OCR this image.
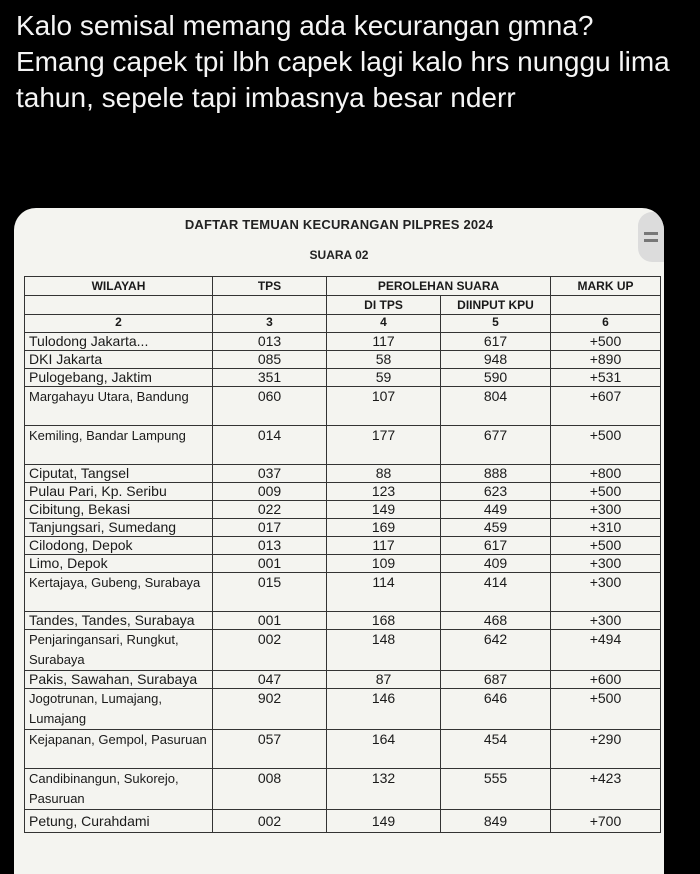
Kalo semisal memang ada kecurangan gmna? Emang capek tpi lbh capek lagi kalo hrs nunggu lima tahun, sepele tapi imbasnya besar nderr
DAFTAR TEMUAN KECURANGAN PILPRES 2024
SUARA 02
WILAYAH	TPS	PEROLEHAN SUARA		MARK UP
		DI TPS	DIINPUT KPU	
2	3	4	5	6
Tulodong Jakarta...	013	117	617	+500
DKI Jakarta	085	58	948	+890
Pulogebang, Jaktim	351	59	590	+531
Margahayu Utara, Bandung	060	107	804	+607
Kemiling, Bandar Lampung	014	177	677	+500
Ciputat, Tangsel	037	88	888	+800
Pulau Pari, Kp. Seribu	009	123	623	+500
Cibitung, Bekasi	022	149	449	+300
Tanjungsari, Sumedang	017	169	459	+310
Cilodong, Depok	013	117	617	+500
Limo, Depok	001	109	409	+300
Kertajaya, Gubeng, Surabaya	015	114	414	+300
Tandes, Tandes, Surabaya	001	168	468	+300
Penjaringansari, Rungkut, Surabaya	002	148	642	+494
Pakis, Sawahan, Surabaya	047	87	687	+600
Jogotrunan, Lumajang, Lumajang	902	146	646	+500
Kejapanan, Gempol, Pasuruan	057	164	454	+290
Candibinangun, Sukorejo, Pasuruan	008	132	555	+423
Petung, Curahdami	002	149	849	+700
